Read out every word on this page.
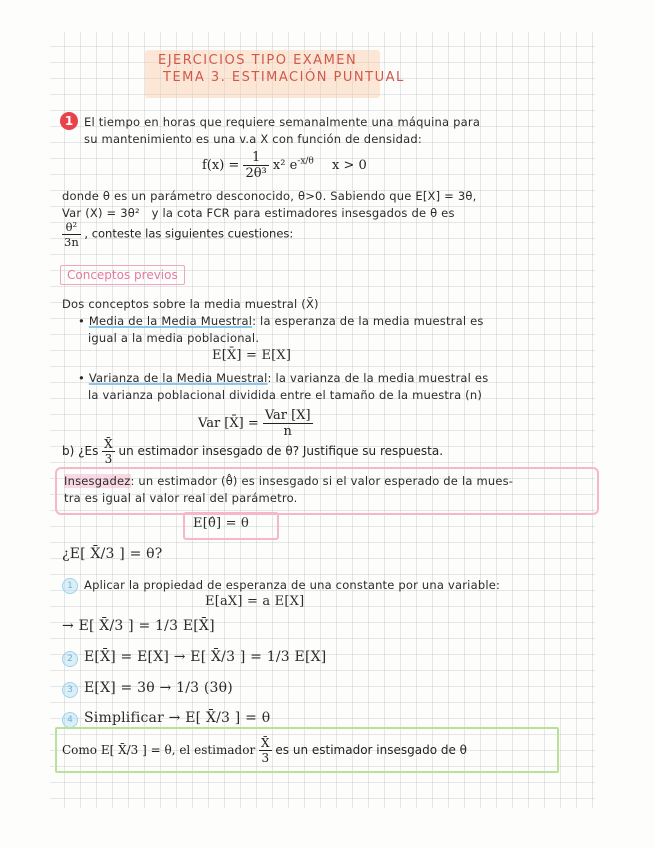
EJERCICIOS TIPO EXAMEN
TEMA 3. ESTIMACIÓN PUNTUAL
1 El tiempo en horas que requiere semanalmente una máquina para
su mantenimiento es una v.a X con función de densidad:
$f(x) = \frac{1}{\text{2θ³}} x^2$ $e^{-x/\theta}$ x > 0
donde θ es un parámetro desconocido, θ>0. Sabiendo que E[X] = 3θ,
Var (X) = 3θ² y la cota FCR para estimadores insesgados de θ es
$\frac{\text{θ²}}{3n}$ , conteste las siguientes cuestiones:
Conceptos previos
Dos conceptos sobre la media muestral (X̄)
• Media de la Media Muestral: la esperanza de la media muestral es
igual a la media poblacional.
E[X̄] = E[X]
• Varianza de la Media Muestral: la varianza de la media muestral es
la varianza poblacional dividida entre el tamaño de la muestra (n)
Var [X̄] = $\frac{\text{Var [X]}}{n}$
b) ¿$Es \frac{X̄}{3}$ un estimador insesgado de θ? Justifique su respuesta.
Insesgadez: un estimador (θ̂) es insesgado si el valor esperado de la mues-
tra es igual al valor real del parámetro.
E[θ̂] = θ
¿E[ X̄/3 ] = θ?
1 Aplicar la propiedad de esperanza de una constante por una variable:
E[aX] = a E[X]
→ E[ X̄/3 ] = 1/3 E[X̄]
2 E[X̄] = E[X] → E[ X̄/3 ] = 1/3 E[X]
3 E[X] = 3θ → 1/3 (3θ)
4 Simplificar → E[ X̄/3 ] = θ
Como E[ X̄/3 ] = θ, el estimador $\frac{X̄}{3}$ es un estimador insesgado de θ
